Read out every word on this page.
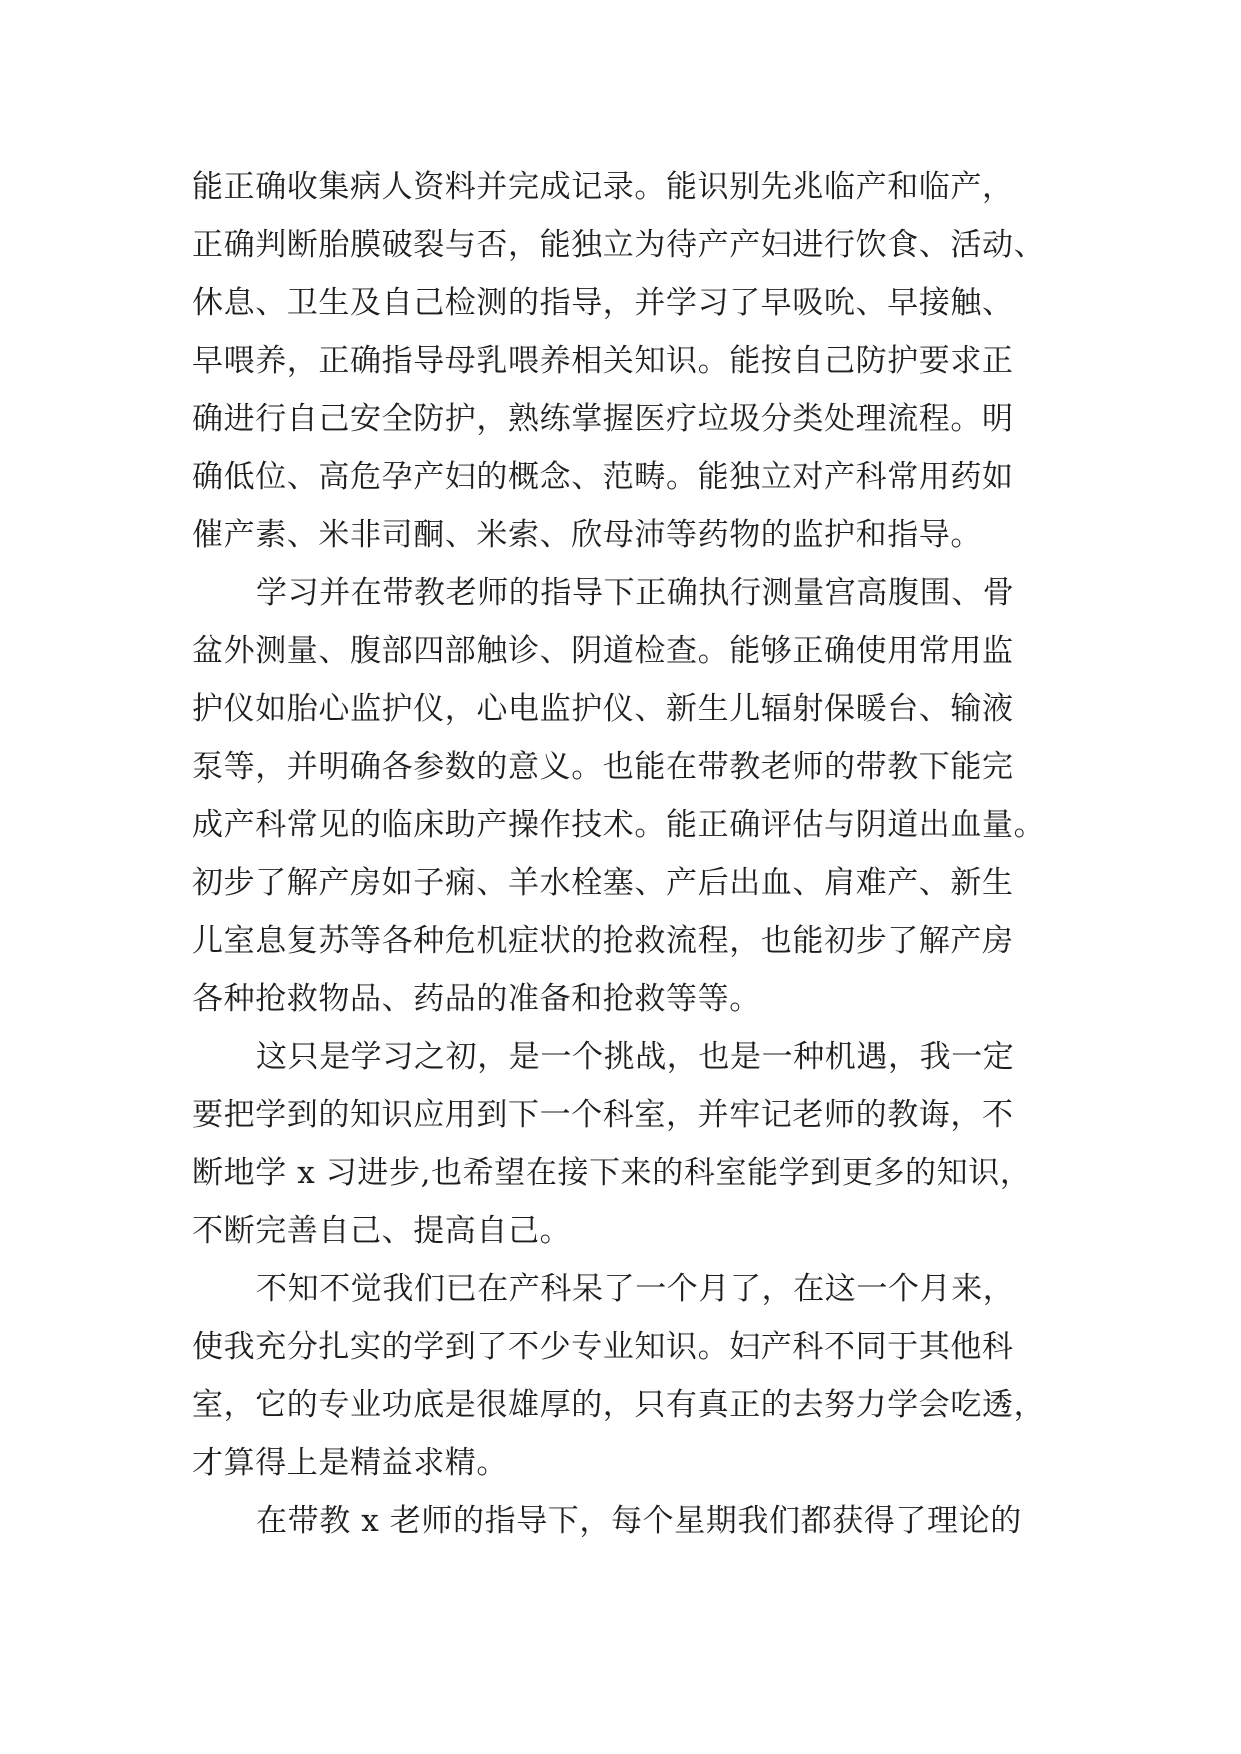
能正确收集病人资料并完成记录。能识别先兆临产和临产，
正确判断胎膜破裂与否，能独立为待产产妇进行饮食、活动、
休息、卫生及自己检测的指导，并学习了早吸吮、早接触、
早喂养，正确指导母乳喂养相关知识。能按自己防护要求正
确进行自己安全防护，熟练掌握医疗垃圾分类处理流程。明
确低位、高危孕产妇的概念、范畴。能独立对产科常用药如
催产素、米非司酮、米索、欣母沛等药物的监护和指导。
学习并在带教老师的指导下正确执行测量宫高腹围、骨
盆外测量、腹部四部触诊、阴道检查。能够正确使用常用监
护仪如胎心监护仪，心电监护仪、新生儿辐射保暖台、输液
泵等，并明确各参数的意义。也能在带教老师的带教下能完
成产科常见的临床助产操作技术。能正确评估与阴道出血量。
初步了解产房如子痫、羊水栓塞、产后出血、肩难产、新生
儿室息复苏等各种危机症状的抢救流程，也能初步了解产房
各种抢救物品、药品的准备和抢救等等。
这只是学习之初，是一个挑战，也是一种机遇，我一定
要把学到的知识应用到下一个科室，并牢记老师的教诲，不
断地学 x 习进步,也希望在接下来的科室能学到更多的知识，
不断完善自己、提高自己。
不知不觉我们已在产科呆了一个月了，在这一个月来，
使我充分扎实的学到了不少专业知识。妇产科不同于其他科
室，它的专业功底是很雄厚的，只有真正的去努力学会吃透，
才算得上是精益求精。
在带教 x 老师的指导下，每个星期我们都获得了理论的
